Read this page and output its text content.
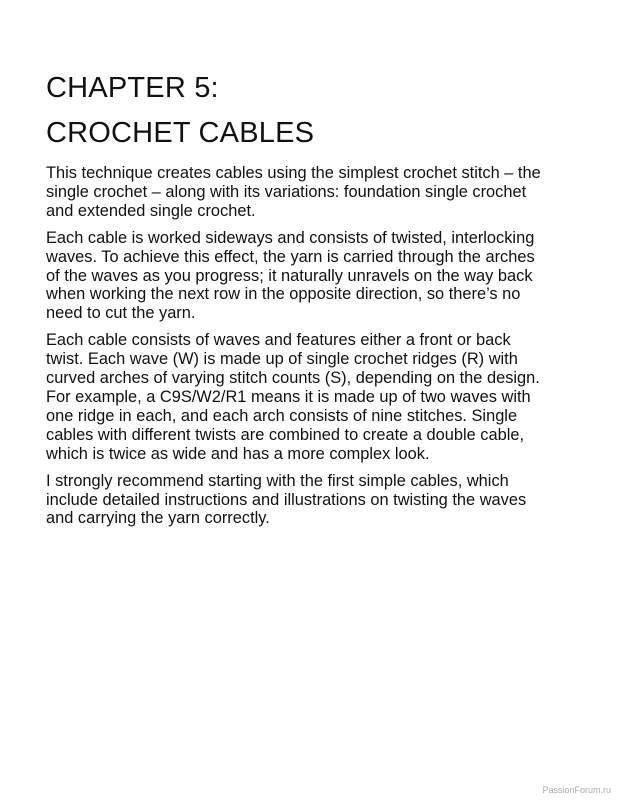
CHAPTER 5:
CROCHET CABLES

This technique creates cables using the simplest crochet stitch – the
single crochet – along with its variations: foundation single crochet
and extended single crochet.

Each cable is worked sideways and consists of twisted, interlocking
waves. To achieve this effect, the yarn is carried through the arches
of the waves as you progress; it naturally unravels on the way back
when working the next row in the opposite direction, so there’s no
need to cut the yarn.

Each cable consists of waves and features either a front or back
twist. Each wave (W) is made up of single crochet ridges (R) with
curved arches of varying stitch counts (S), depending on the design.
For example, a C9S/W2/R1 means it is made up of two waves with
one ridge in each, and each arch consists of nine stitches. Single
cables with different twists are combined to create a double cable,
which is twice as wide and has a more complex look.

I strongly recommend starting with the first simple cables, which
include detailed instructions and illustrations on twisting the waves
and carrying the yarn correctly.

PassionForum.ru
